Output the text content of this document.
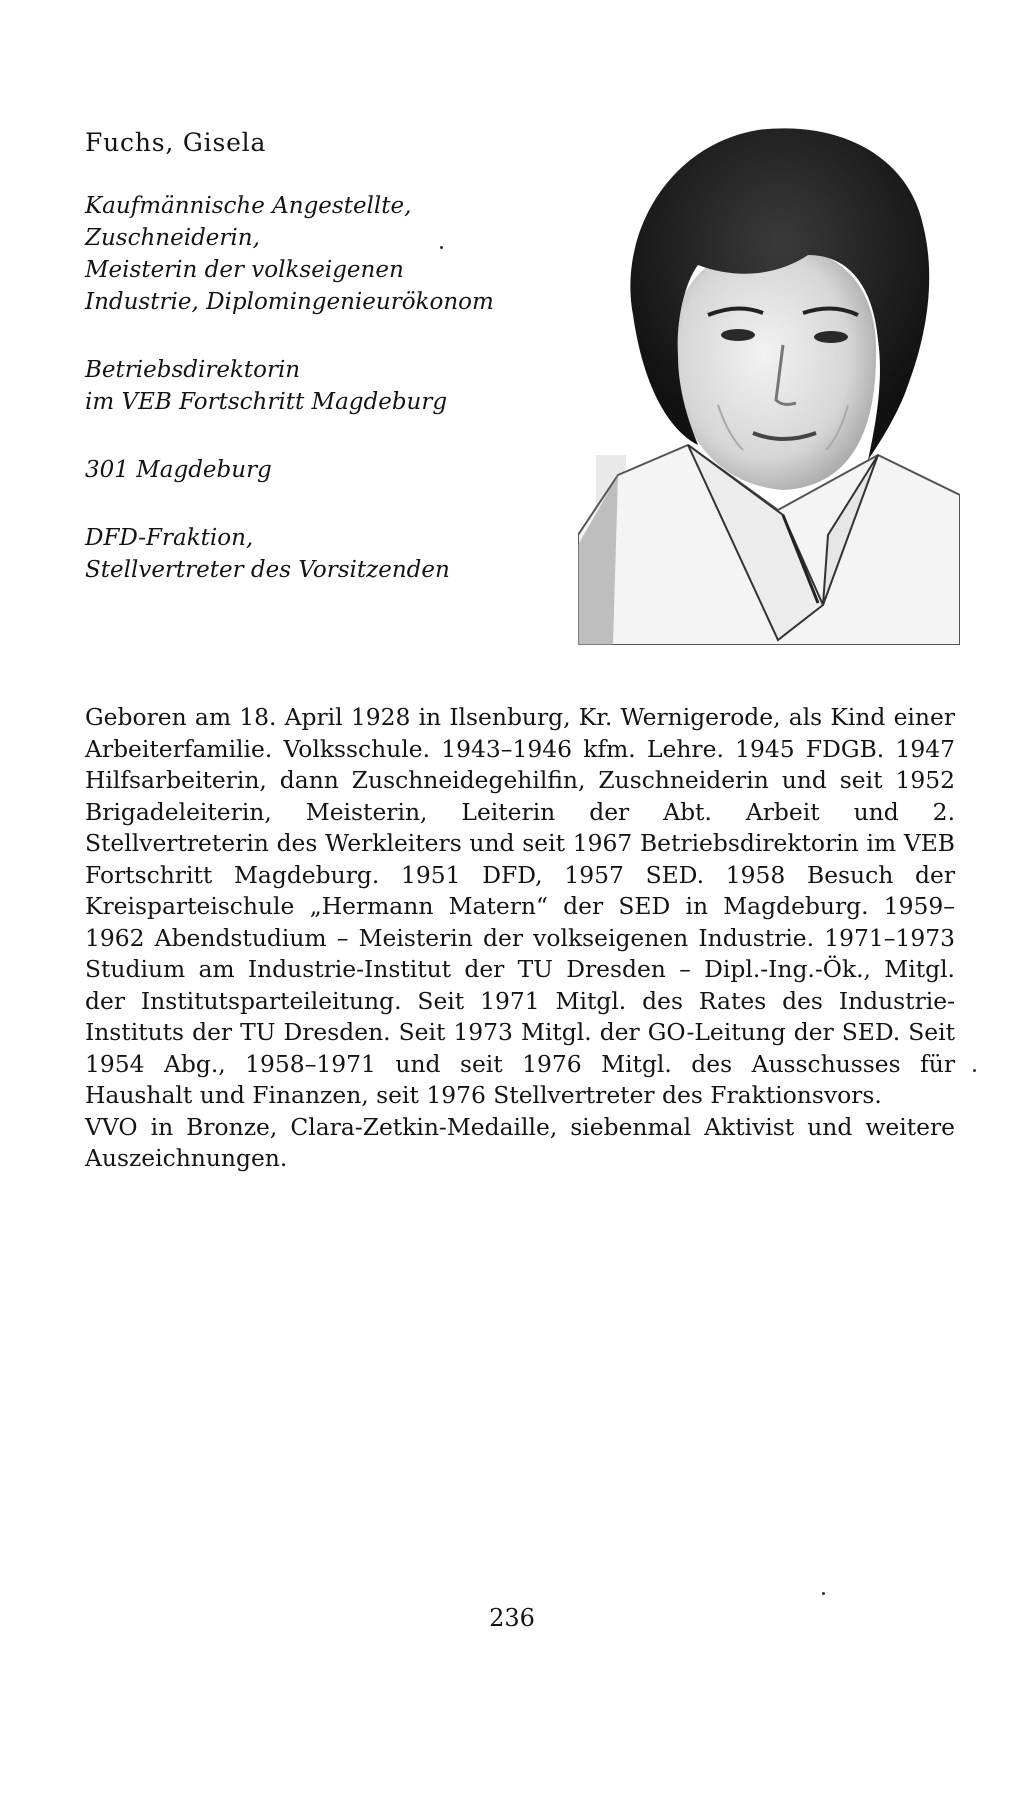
Fuchs, Gisela
Kaufmännische Angestellte,
Zuschneiderin,
Meisterin der volkseigenen
Industrie, Diplomingenieurökonom
Betriebsdirektorin
im VEB Fortschritt Magdeburg
301 Magdeburg
DFD-Fraktion,
Stellvertreter des Vorsitzenden

Geboren am 18. April 1928 in Ilsenburg, Kr. Wernigerode, als Kind einer Arbeiterfamilie. Volksschule. 1943–1946 kfm. Lehre. 1945 FDGB. 1947 Hilfsarbeiterin, dann Zuschneidegehilfin, Zuschneiderin und seit 1952 Brigadeleiterin, Meisterin, Leiterin der Abt. Arbeit und 2. Stellvertreterin des Werkleiters und seit 1967 Betriebsdirektorin im VEB Fortschritt Magdeburg. 1951 DFD, 1957 SED. 1958 Besuch der Kreisparteischule „Hermann Matern“ der SED in Magdeburg. 1959–1962 Abendstudium – Meisterin der volkseigenen Industrie. 1971–1973 Studium am Industrie-Institut der TU Dresden – Dipl.-Ing.-Ök., Mitgl. der Institutsparteileitung. Seit 1971 Mitgl. des Rates des Industrie-Instituts der TU Dresden. Seit 1973 Mitgl. der GO-Leitung der SED. Seit 1954 Abg., 1958–1971 und seit 1976 Mitgl. des Ausschusses für Haushalt und Finanzen, seit 1976 Stellvertreter des Fraktionsvors.

VVO in Bronze, Clara-Zetkin-Medaille, siebenmal Aktivist und weitere Auszeichnungen.

236
